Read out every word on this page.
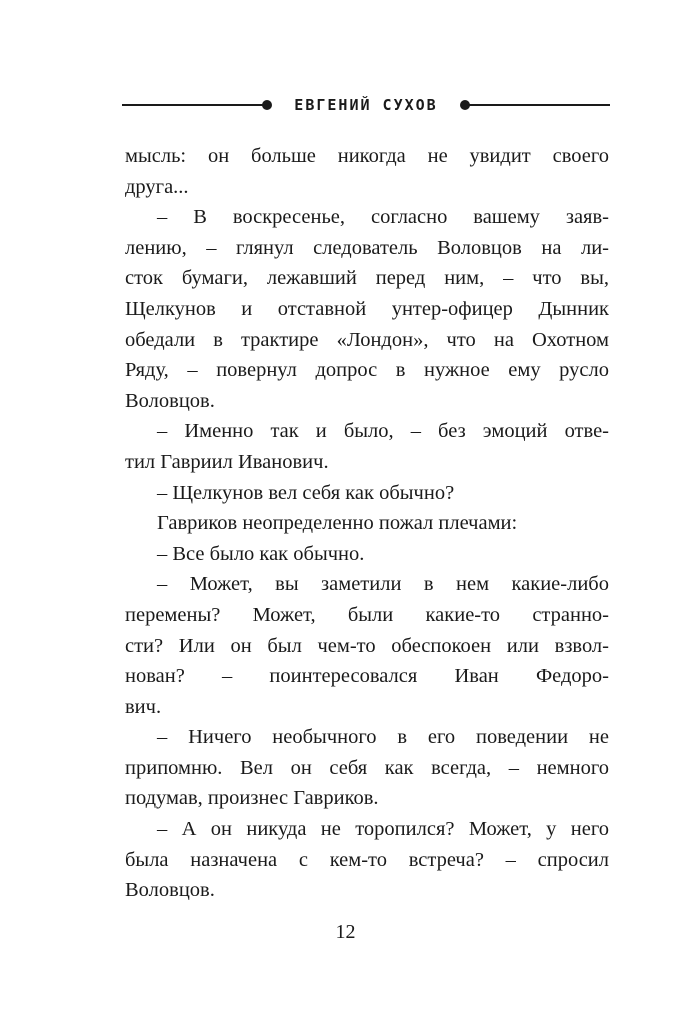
ЕВГЕНИЙ СУХОВ
мысль: он больше никогда не увидит своего
друга...
– В воскресенье, согласно вашему заяв-
лению, – глянул следователь Воловцов на ли-
сток бумаги, лежавший перед ним, – что вы,
Щелкунов и отставной унтер-офицер Дынник
обедали в трактире «Лондон», что на Охотном
Ряду, – повернул допрос в нужное ему русло
Воловцов.
– Именно так и было, – без эмоций отве-
тил Гавриил Иванович.
– Щелкунов вел себя как обычно?
Гавриков неопределенно пожал плечами:
– Все было как обычно.
– Может, вы заметили в нем какие-либо
перемены? Может, были какие-то странно-
сти? Или он был чем-то обеспокоен или взвол-
нован? – поинтересовался Иван Федоро-
вич.
– Ничего необычного в его поведении не
припомню. Вел он себя как всегда, – немного
подумав, произнес Гавриков.
– А он никуда не торопился? Может, у него
была назначена с кем-то встреча? – спросил
Воловцов.
12
